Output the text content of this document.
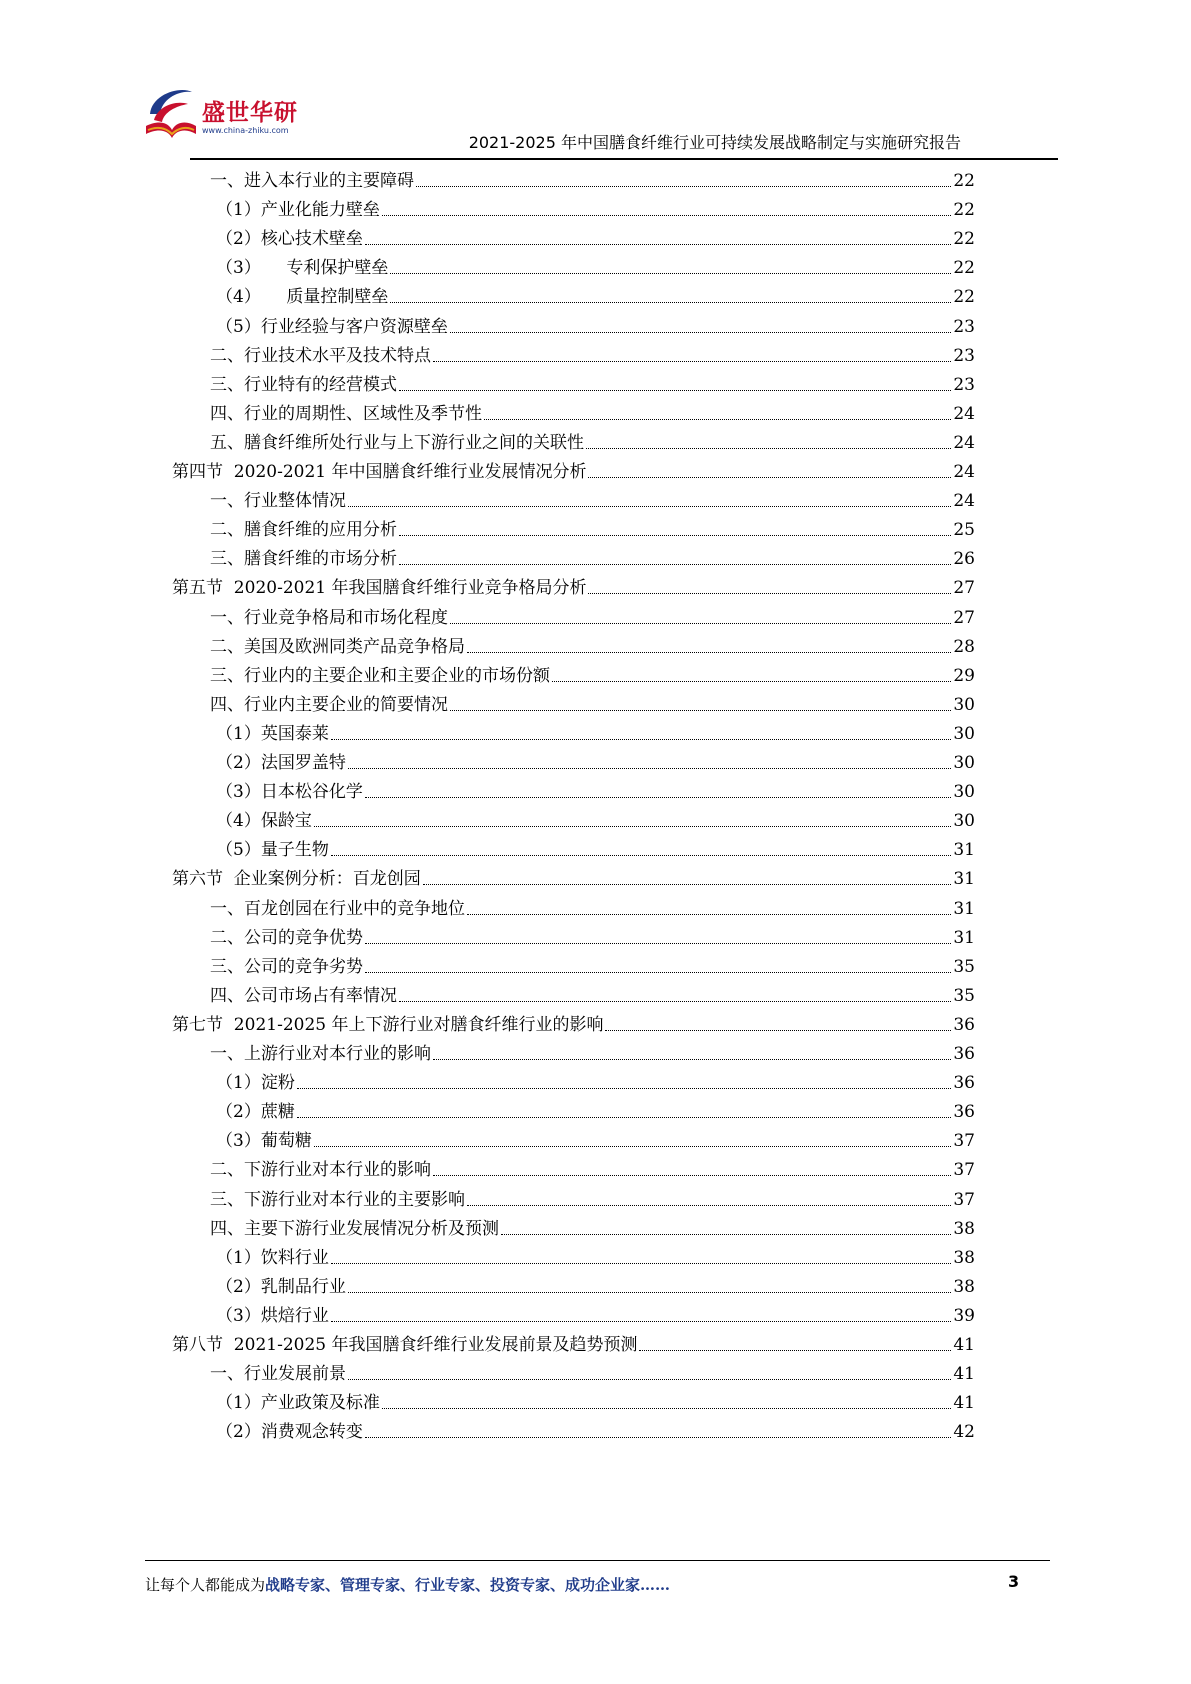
盛世华研
www.china-zhiku.com
2021-2025 年中国膳食纤维行业可持续发展战略制定与实施研究报告
一、进入本行业的主要障碍	22
（1）产业化能力壁垒	22
（2）核心技术壁垒	22
（3）　　专利保护壁垒	22
（4）　　质量控制壁垒	22
（5）行业经验与客户资源壁垒	23
二、行业技术水平及技术特点	23
三、行业特有的经营模式	23
四、行业的周期性、区域性及季节性	24
五、膳食纤维所处行业与上下游行业之间的关联性	24
第四节  2020-2021 年中国膳食纤维行业发展情况分析	24
一、行业整体情况	24
二、膳食纤维的应用分析	25
三、膳食纤维的市场分析	26
第五节  2020-2021 年我国膳食纤维行业竞争格局分析	27
一、行业竞争格局和市场化程度	27
二、美国及欧洲同类产品竞争格局	28
三、行业内的主要企业和主要企业的市场份额	29
四、行业内主要企业的简要情况	30
（1）英国泰莱	30
（2）法国罗盖特	30
（3）日本松谷化学	30
（4）保龄宝	30
（5）量子生物	31
第六节  企业案例分析：百龙创园	31
一、百龙创园在行业中的竞争地位	31
二、公司的竞争优势	31
三、公司的竞争劣势	35
四、公司市场占有率情况	35
第七节  2021-2025 年上下游行业对膳食纤维行业的影响	36
一、上游行业对本行业的影响	36
（1）淀粉	36
（2）蔗糖	36
（3）葡萄糖	37
二、下游行业对本行业的影响	37
三、下游行业对本行业的主要影响	37
四、主要下游行业发展情况分析及预测	38
（1）饮料行业	38
（2）乳制品行业	38
（3）烘焙行业	39
第八节  2021-2025 年我国膳食纤维行业发展前景及趋势预测	41
一、行业发展前景	41
（1）产业政策及标准	41
（2）消费观念转变	42
让每个人都能成为战略专家、管理专家、行业专家、投资专家、成功企业家……	3
